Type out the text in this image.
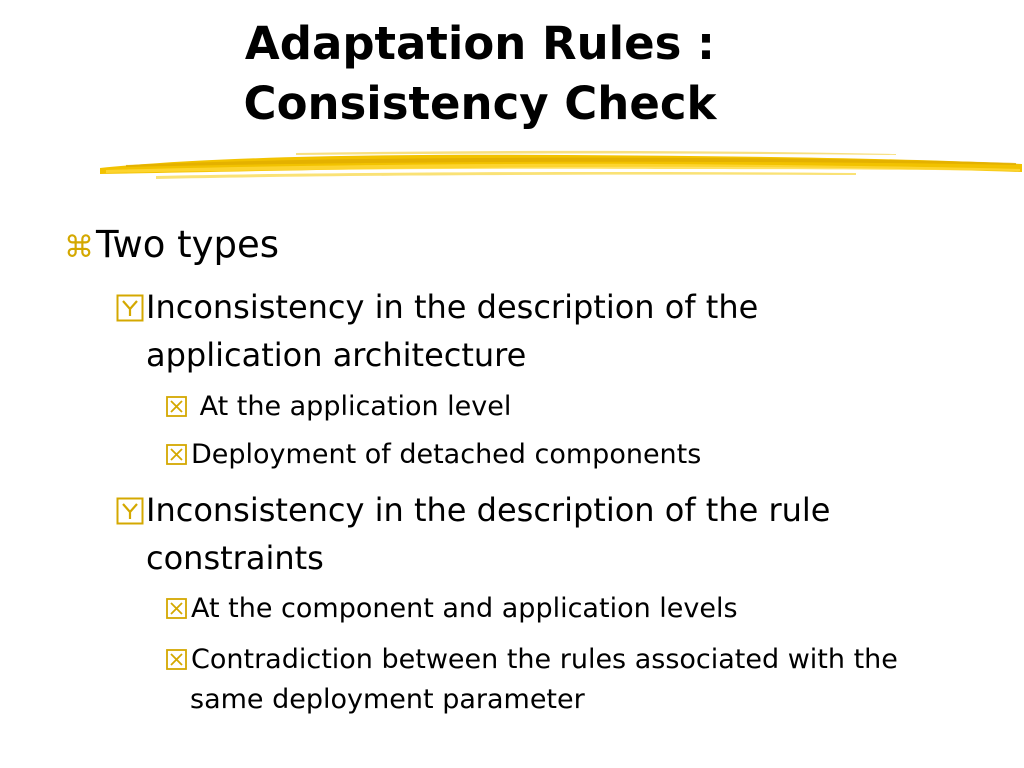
Adaptation Rules :
Consistency Check
⌘Two types
Inconsistency in the description of the application architecture
At the application level
Deployment of detached components
Inconsistency in the description of the rule constraints
At the component and application levels
Contradiction between the rules associated with the same deployment parameter
